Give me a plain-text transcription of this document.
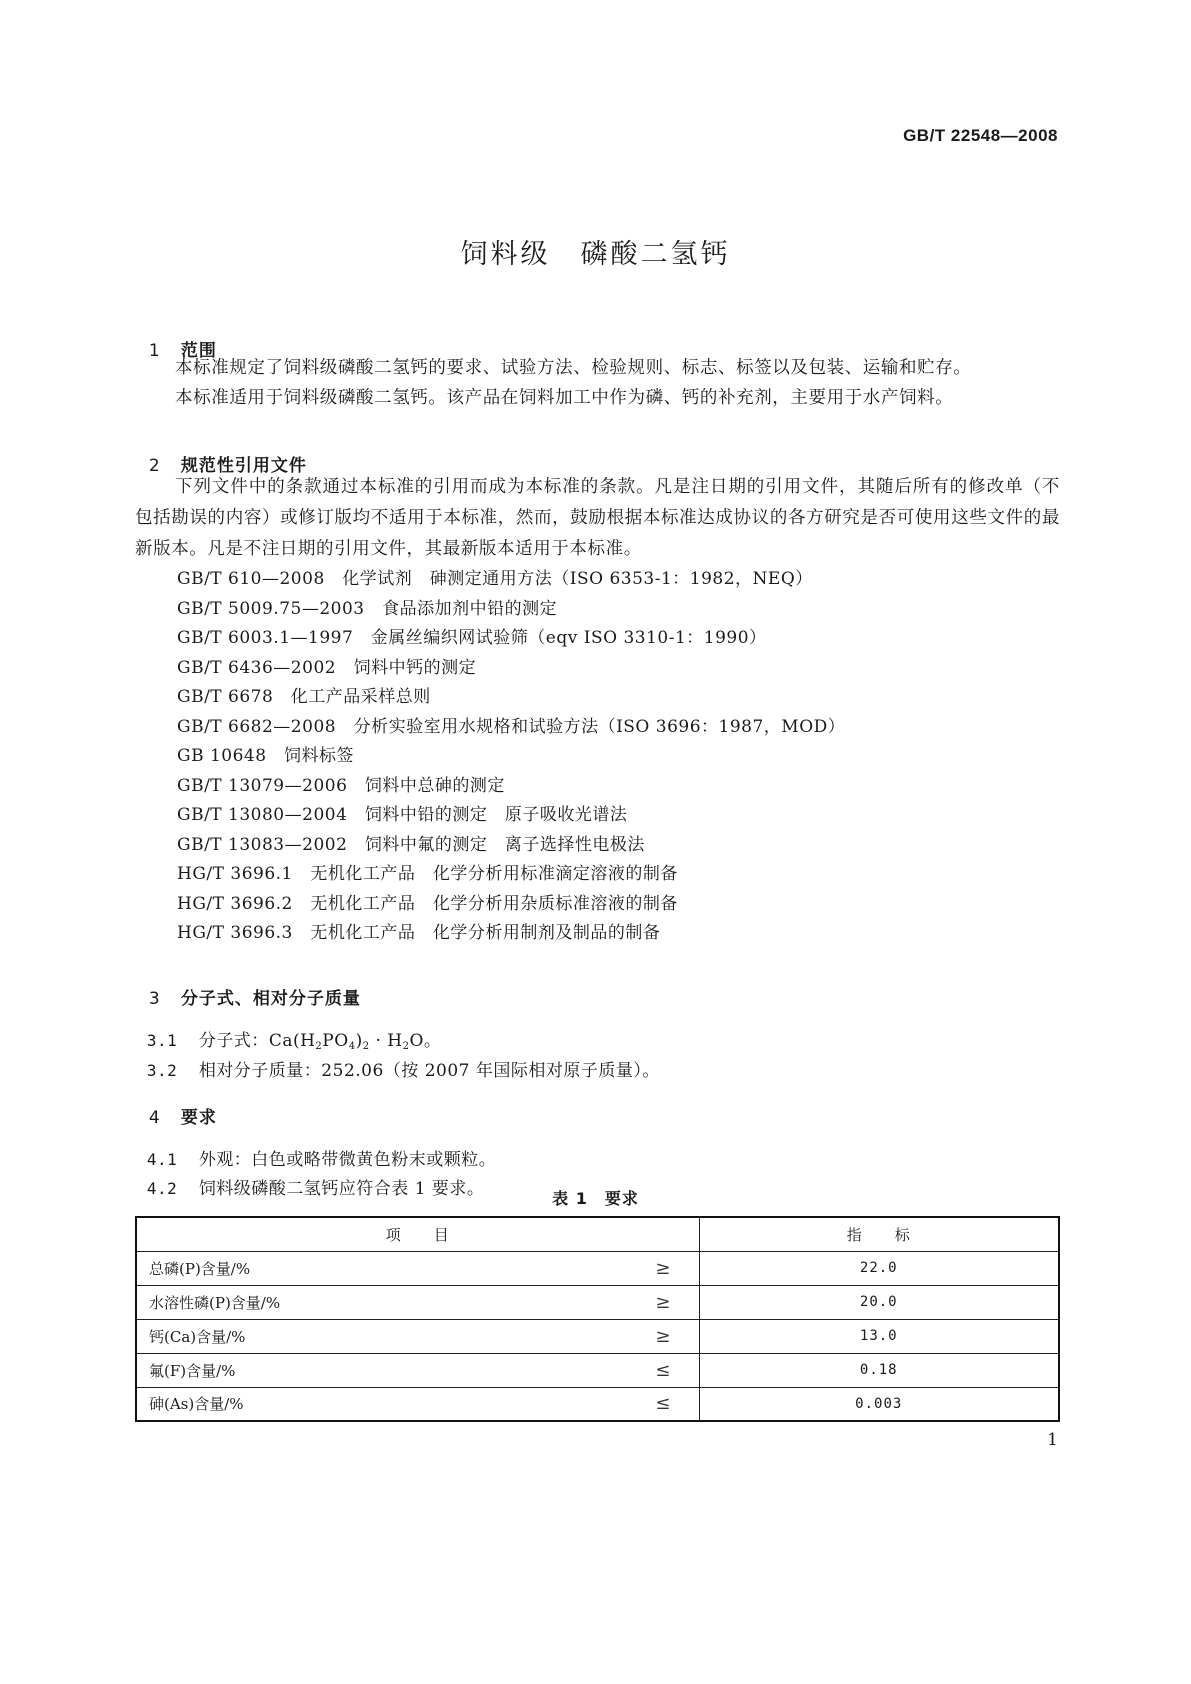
GB/T 22548—2008
饲料级　磷酸二氢钙

1 范围

本标准规定了饲料级磷酸二氢钙的要求、试验方法、检验规则、标志、标签以及包装、运输和贮存。
本标准适用于饲料级磷酸二氢钙。该产品在饲料加工中作为磷、钙的补充剂，主要用于水产饲料。

2 规范性引用文件

下列文件中的条款通过本标准的引用而成为本标准的条款。凡是注日期的引用文件，其随后所有的修改单（不包括勘误的内容）或修订版均不适用于本标准，然而，鼓励根据本标准达成协议的各方研究是否可使用这些文件的最新版本。凡是不注日期的引用文件，其最新版本适用于本标准。
GB/T 610—2008　化学试剂　砷测定通用方法（ISO 6353-1：1982，NEQ）
GB/T 5009.75—2003　食品添加剂中铅的测定
GB/T 6003.1—1997　金属丝编织网试验筛（eqv ISO 3310-1：1990）
GB/T 6436—2002　饲料中钙的测定
GB/T 6678　化工产品采样总则
GB/T 6682—2008　分析实验室用水规格和试验方法（ISO 3696：1987，MOD）
GB 10648　饲料标签
GB/T 13079—2006　饲料中总砷的测定
GB/T 13080—2004　饲料中铅的测定　原子吸收光谱法
GB/T 13083—2002　饲料中氟的测定　离子选择性电极法
HG/T 3696.1　无机化工产品　化学分析用标准滴定溶液的制备
HG/T 3696.2　无机化工产品　化学分析用杂质标准溶液的制备
HG/T 3696.3　无机化工产品　化学分析用制剂及制品的制备

3 分子式、相对分子质量

3.1 分子式：$Ca(H_2PO_4)_2 \cdot H_2O$。

3.2 相对分子质量：252.06（按 2007 年国际相对原子质量）。

4 要求

4.1 外观：白色或略带微黄色粉末或颗粒。

4.2 饲料级磷酸二氢钙应符合表 1 要求。	表 1　要求
项　　目	指　　标

总磷(P)含量/% ≥	22.0

水溶性磷(P)含量/% ≥	20.0

钙(Ca)含量/% ≥	13.0

氟(F)含量/% ≤	0.18

砷(As)含量/% ≤	0.003
1
